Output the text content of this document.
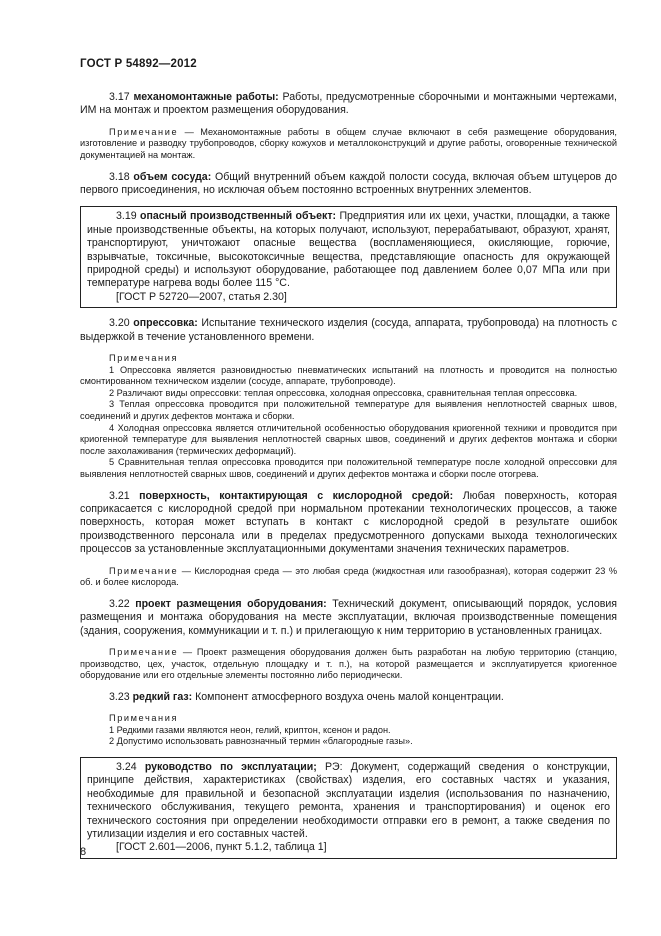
ГОСТ Р 54892—2012

3.17 механомонтажные работы: Работы, предусмотренные сборочными и монтажными чертежами, ИМ на монтаж и проектом размещения оборудования.

Примечание — Механомонтажные работы в общем случае включают в себя размещение оборудования, изготовление и разводку трубопроводов, сборку кожухов и металлоконструкций и другие работы, оговоренные технической документацией на монтаж.

3.18 объем сосуда: Общий внутренний объем каждой полости сосуда, включая объем штуцеров до первого присоединения, но исключая объем постоянно встроенных внутренних элементов.

3.19 опасный производственный объект: Предприятия или их цехи, участки, площадки, а также иные производственные объекты, на которых получают, используют, перерабатывают, образуют, хранят, транспортируют, уничтожают опасные вещества (воспламеняющиеся, окисляющие, горючие, взрывчатые, токсичные, высокотоксичные вещества, представляющие опасность для окружающей природной среды) и используют оборудование, работающее под давлением более 0,07 МПа или при температуре нагрева воды более 115 °C.

[ГОСТ Р 52720—2007, статья 2.30]

3.20 опрессовка: Испытание технического изделия (сосуда, аппарата, трубопровода) на плотность с выдержкой в течение установленного времени.

Примечания

1 Опрессовка является разновидностью пневматических испытаний на плотность и проводится на полностью смонтированном техническом изделии (сосуде, аппарате, трубопроводе).

2 Различают виды опрессовки: теплая опрессовка, холодная опрессовка, сравнительная теплая опрессовка.

3 Теплая опрессовка проводится при положительной температуре для выявления неплотностей сварных швов, соединений и других дефектов монтажа и сборки.

4 Холодная опрессовка является отличительной особенностью оборудования криогенной техники и проводится при криогенной температуре для выявления неплотностей сварных швов, соединений и других дефектов монтажа и сборки после захолаживания (термических деформаций).

5 Сравнительная теплая опрессовка проводится при положительной температуре после холодной опрессовки для выявления неплотностей сварных швов, соединений и других дефектов монтажа и сборки после отогрева.

3.21 поверхность, контактирующая с кислородной средой: Любая поверхность, которая соприкасается с кислородной средой при нормальном протекании технологических процессов, а также поверхность, которая может вступать в контакт с кислородной средой в результате ошибок производственного персонала или в пределах предусмотренного допусками выхода технологических процессов за установленные эксплуатационными документами значения технических параметров.

Примечание — Кислородная среда — это любая среда (жидкостная или газообразная), которая содержит 23 % об. и более кислорода.

3.22 проект размещения оборудования: Технический документ, описывающий порядок, условия размещения и монтажа оборудования на месте эксплуатации, включая производственные помещения (здания, сооружения, коммуникации и т. п.) и прилегающую к ним территорию в установленных границах.

Примечание — Проект размещения оборудования должен быть разработан на любую территорию (станцию, производство, цех, участок, отдельную площадку и т. п.), на которой размещается и эксплуатируется криогенное оборудование или его отдельные элементы постоянно либо периодически.

3.23 редкий газ: Компонент атмосферного воздуха очень малой концентрации.

Примечания

1 Редкими газами являются неон, гелий, криптон, ксенон и радон.

2 Допустимо использовать равнозначный термин «благородные газы».

3.24 руководство по эксплуатации; РЭ: Документ, содержащий сведения о конструкции, принципе действия, характеристиках (свойствах) изделия, его составных частях и указания, необходимые для правильной и безопасной эксплуатации изделия (использования по назначению, технического обслуживания, текущего ремонта, хранения и транспортирования) и оценок его технического состояния при определении необходимости отправки его в ремонт, а также сведения по утилизации изделия и его составных частей.

[ГОСТ 2.601—2006, пункт 5.1.2, таблица 1]

8
